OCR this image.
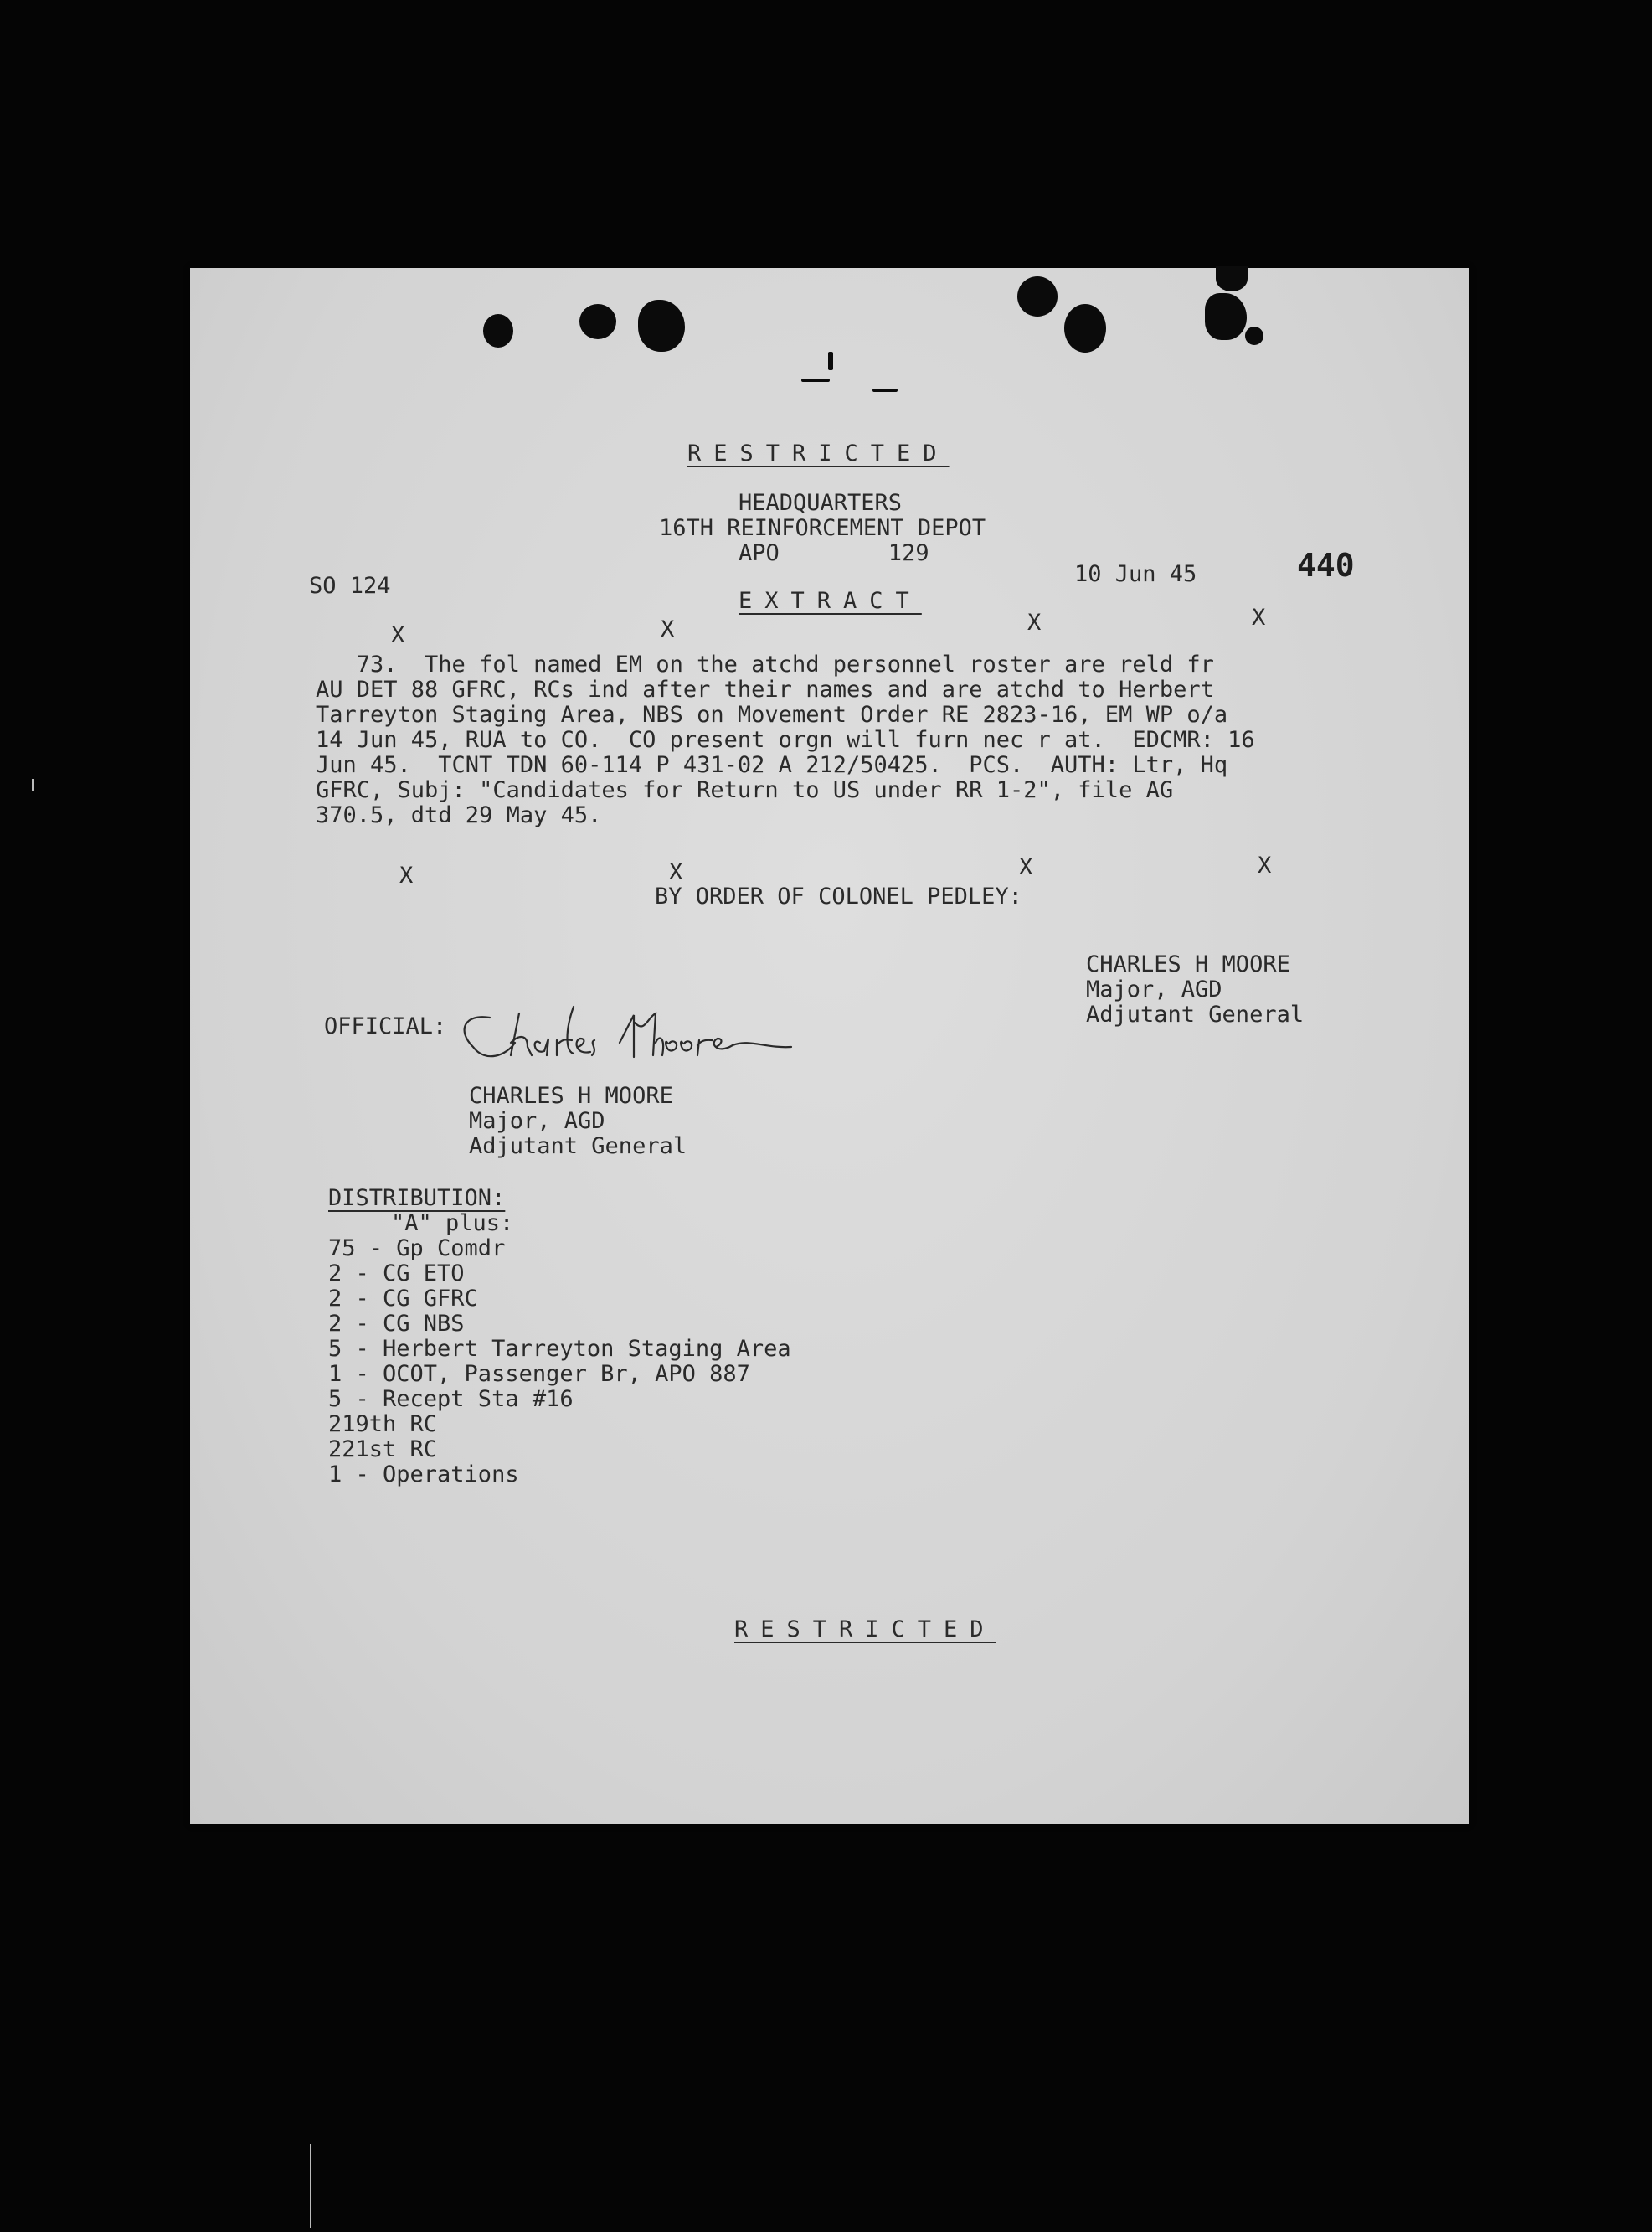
RESTRICTED
HEADQUARTERS
16TH REINFORCEMENT DEPOT
APO        129
SO 124	10 Jun 45	440
EXTRACT
X	X	X	X
73.  The fol named EM on the atchd personnel roster are reld fr
AU DET 88 GFRC, RCs ind after their names and are atchd to Herbert
Tarreyton Staging Area, NBS on Movement Order RE 2823-16, EM WP o/a
14 Jun 45, RUA to CO.  CO present orgn will furn nec r at.  EDCMR: 16
Jun 45.  TCNT TDN 60-114 P 431-02 A 212/50425.  PCS.  AUTH: Ltr, Hq
GFRC, Subj: "Candidates for Return to US under RR 1-2", file AG
370.5, dtd 29 May 45.
X	X	X	X
BY ORDER OF COLONEL PEDLEY:
CHARLES H MOORE
Major, AGD
Adjutant General
OFFICIAL:
CHARLES H MOORE
Major, AGD
Adjutant General
DISTRIBUTION:
"A" plus:
75 - Gp Comdr
2 - CG ETO
2 - CG GFRC
2 - CG NBS
5 - Herbert Tarreyton Staging Area
1 - OCOT, Passenger Br, APO 887
5 - Recept Sta #16
219th RC
221st RC
1 - Operations
RESTRICTED
